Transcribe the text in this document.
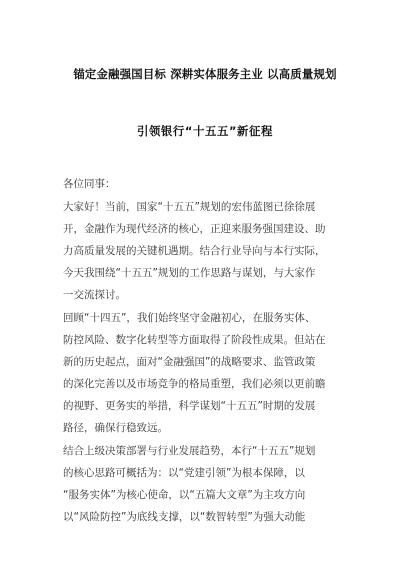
锚定金融强国目标 深耕实体服务主业 以高质量规划
引领银行“十五五”新征程
各位同事：
大家好！当前，国家“十五五”规划的宏伟蓝图已徐徐展
开，金融作为现代经济的核心，正迎来服务强国建设、助
力高质量发展的关键机遇期。结合行业导向与本行实际，
今天我围绕“十五五”规划的工作思路与谋划，与大家作
一交流探讨。
回顾“十四五”，我们始终坚守金融初心，在服务实体、
防控风险、数字化转型等方面取得了阶段性成果。但站在
新的历史起点，面对“金融强国”的战略要求、监管政策
的深化完善以及市场竞争的格局重塑，我们必须以更前瞻
的视野、更务实的举措，科学谋划“十五五”时期的发展
路径，确保行稳致远。
结合上级决策部署与行业发展趋势，本行“十五五”规划
的核心思路可概括为：以“党建引领”为根本保障，以
“服务实体”为核心使命，以“五篇大文章”为主攻方向
以“风险防控”为底线支撑，以“数智转型”为强大动能
